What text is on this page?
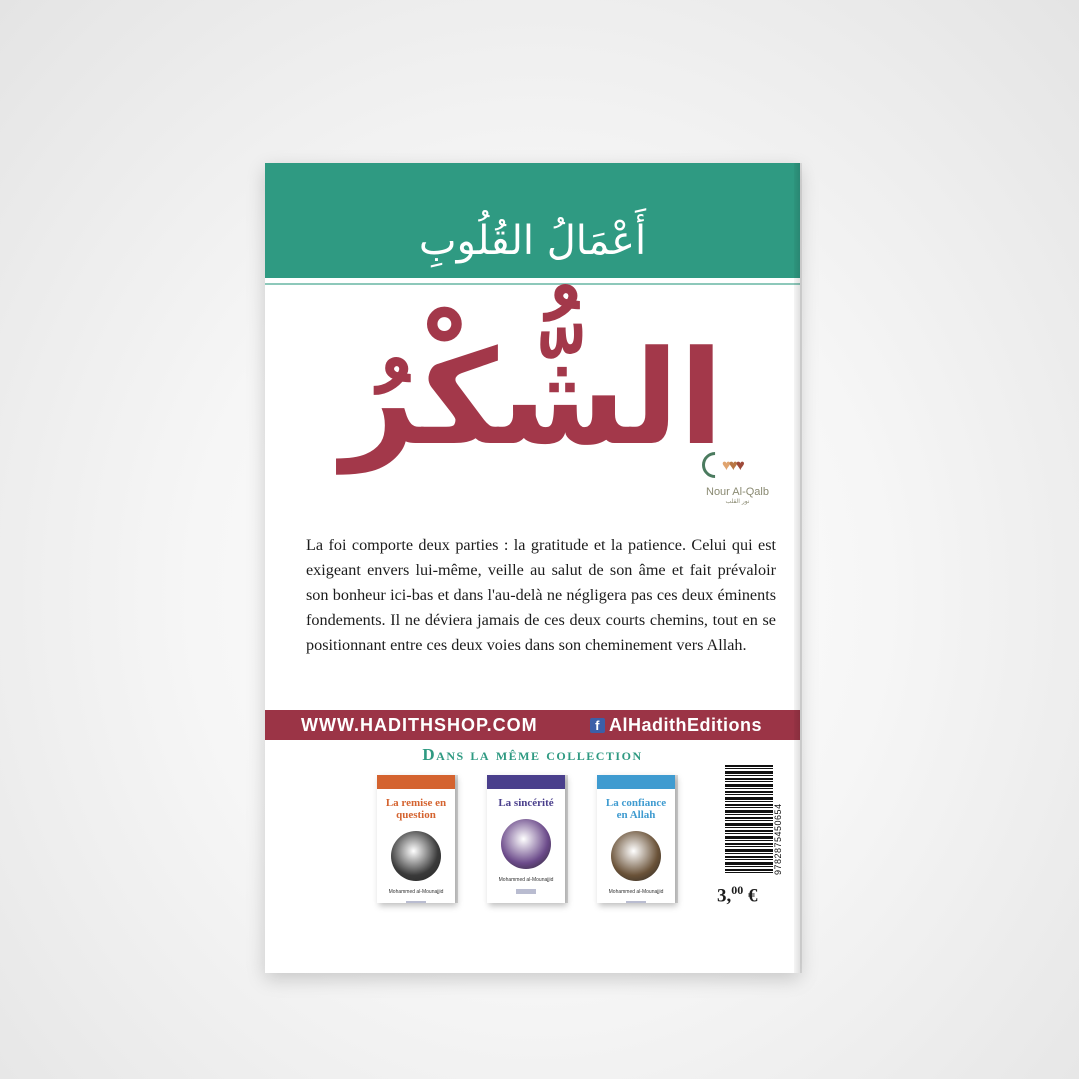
أَعْمَالُ القُلُوبِ
الشُّكْرُ
La foi comporte deux parties : la gratitude et la patience. Celui qui est exigeant envers lui-même, veille au salut de son âme et fait prévaloir son bonheur ici-bas et dans l'au-delà ne négligera pas ces deux éminents fondements. Il ne déviera jamais de ces deux courts chemins, tout en se positionnant entre ces deux voies dans son cheminement vers Allah.
WWW.HADITHSHOP.COM	f AlHadithEditions
Dans la même collection
La remise en question
Mohammed al-Mounajjid
La sincérité
Mohammed al-Mounajjid
La confiance en Allah
Mohammed al-Mounajjid
9782875450654
3,00 €
♥♥♥
Nour Al-Qalb
نور القلب
